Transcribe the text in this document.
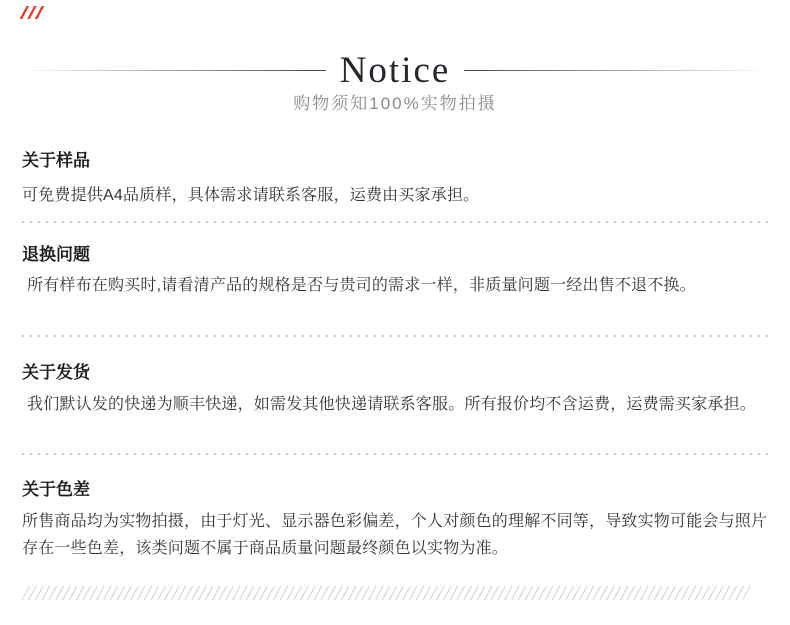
Notice
购物须知100%实物拍摄
关于样品

可免费提供A4品质样，具体需求请联系客服，运费由买家承担。

退换问题

所有样布在购买时,请看清产品的规格是否与贵司的需求一样，非质量问题一经出售不退不换。

关于发货

我们默认发的快递为顺丰快递，如需发其他快递请联系客服。所有报价均不含运费，运费需买家承担。

关于色差

所售商品均为实物拍摄，由于灯光、显示器色彩偏差，个人对颜色的理解不同等，导致实物可能会与照片存在一些色差，该类问题不属于商品质量问题最终颜色以实物为准。
